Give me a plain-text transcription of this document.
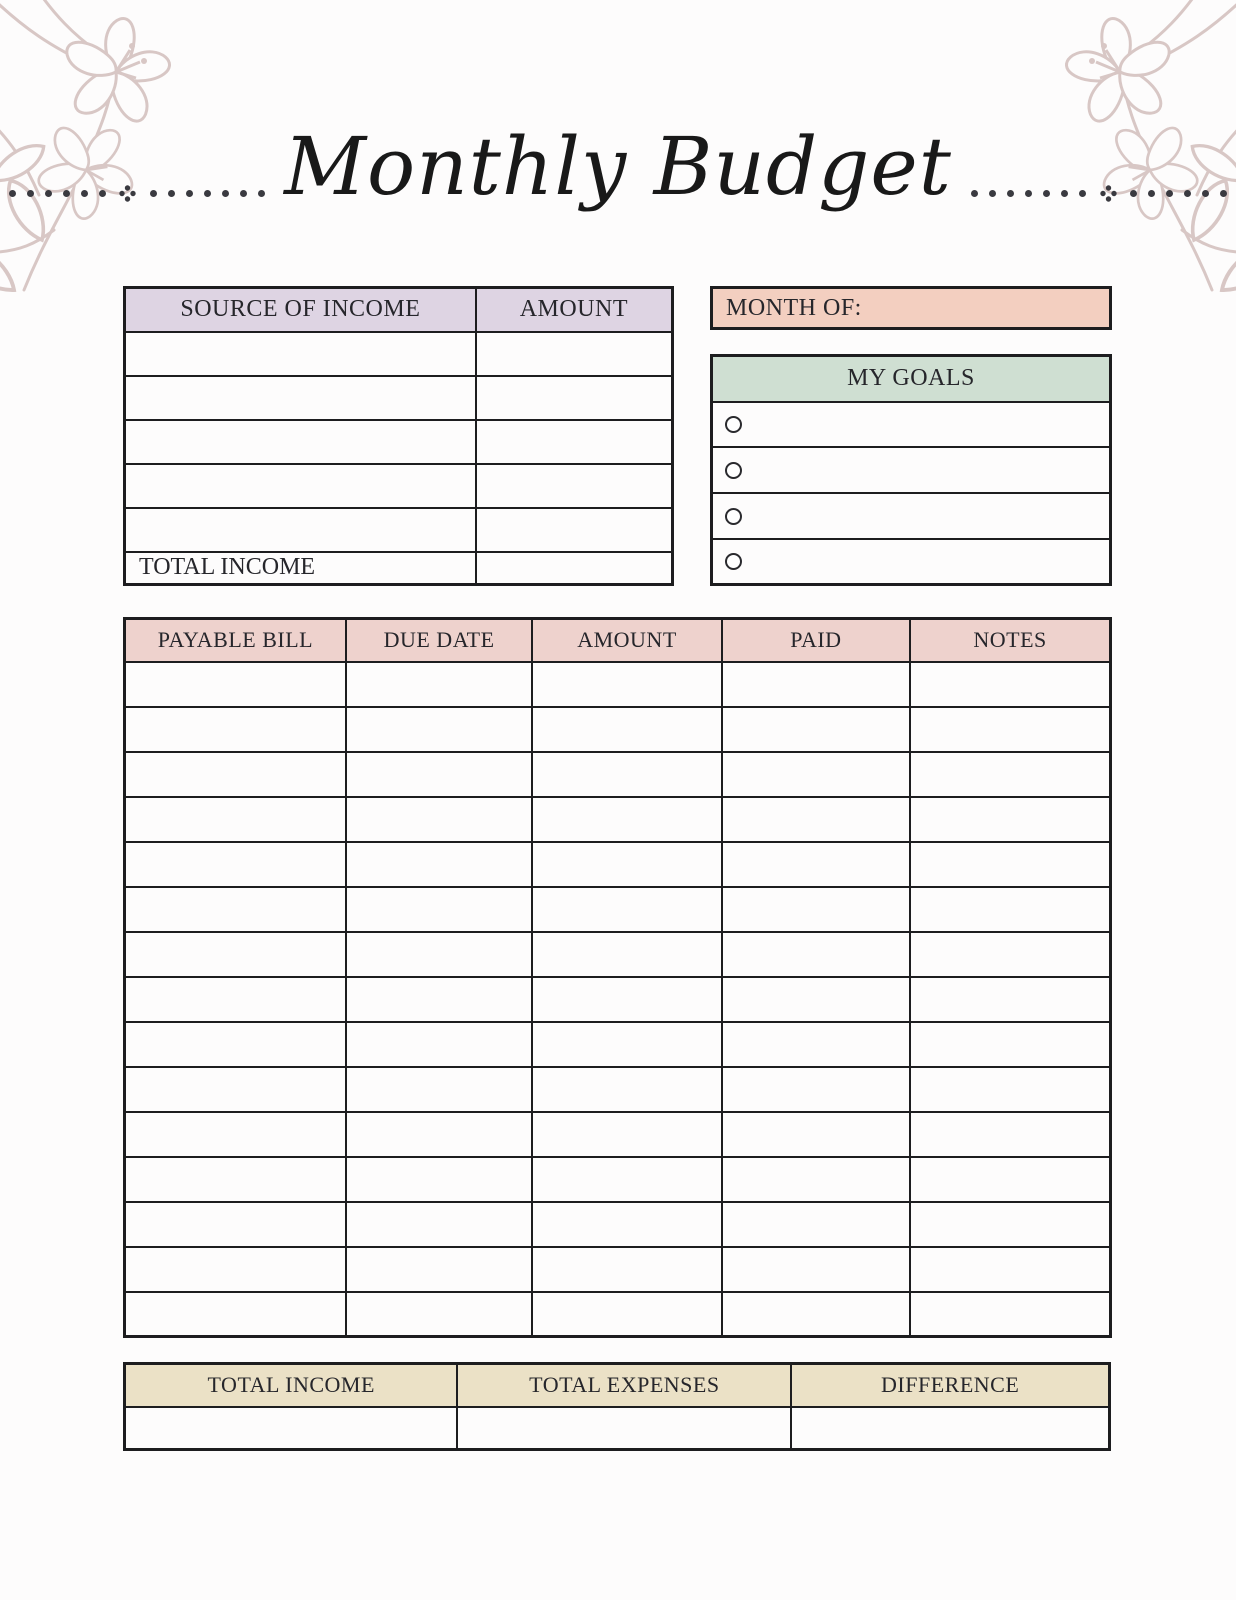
Monthly Budget
SOURCE OF INCOME	AMOUNT

TOTAL INCOME	
MONTH OF:
MY GOALS

PAYABLE BILL	DUE DATE	AMOUNT	PAID	NOTES

TOTAL INCOME	TOTAL EXPENSES	DIFFERENCE
